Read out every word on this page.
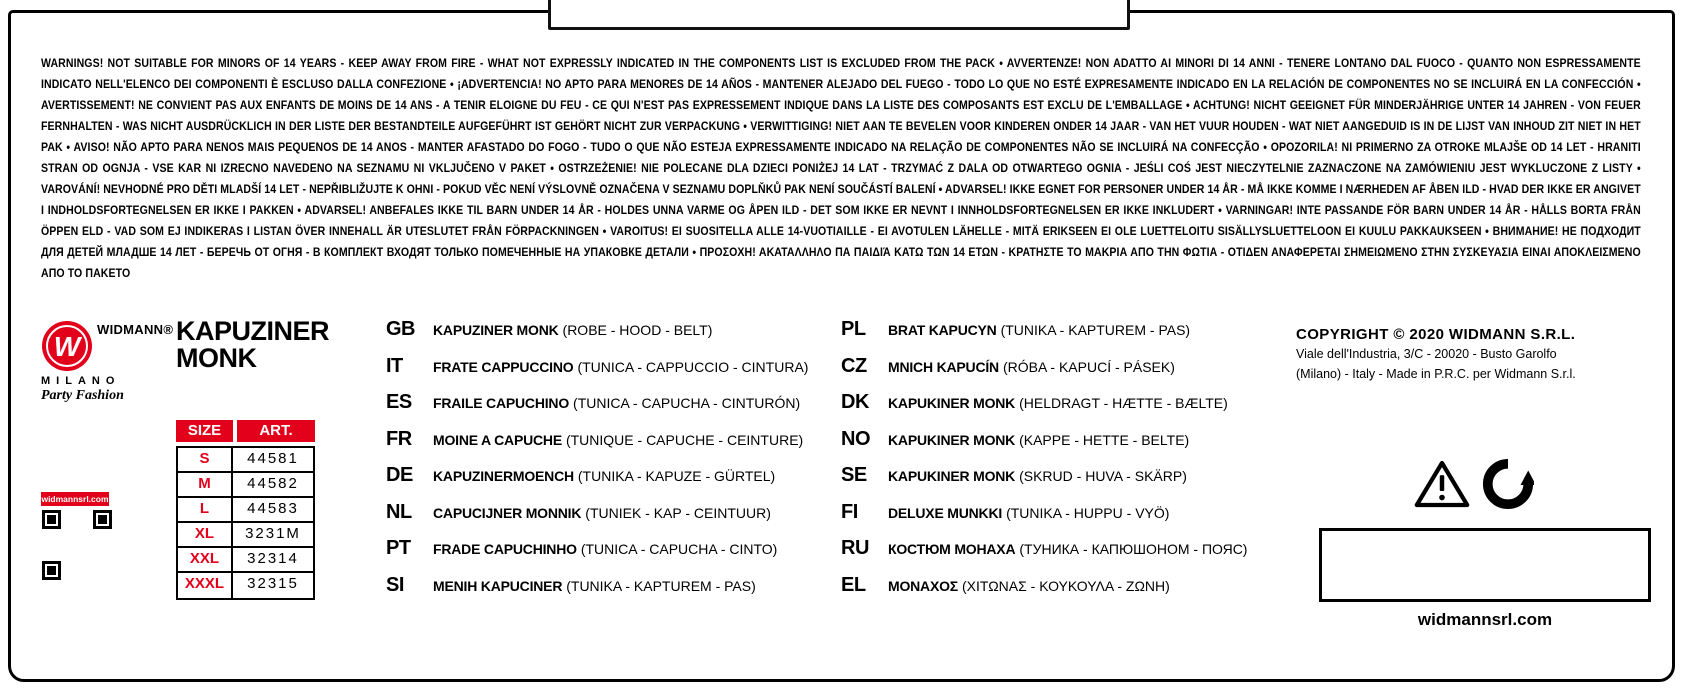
WARNINGS! NOT SUITABLE FOR MINORS OF 14 YEARS - KEEP AWAY FROM FIRE - WHAT NOT EXPRESSLY INDICATED IN THE COMPONENTS LIST IS EXCLUDED FROM THE PACK • AVVERTENZE! NON ADATTO AI MINORI DI 14 ANNI - TENERE LONTANO DAL FUOCO - QUANTO NON ESPRESSAMENTE INDICATO NELL'ELENCO DEI COMPONENTI È ESCLUSO DALLA CONFEZIONE • ¡ADVERTENCIA! NO APTO PARA MENORES DE 14 AÑOS - MANTENER ALEJADO DEL FUEGO - TODO LO QUE NO ESTÉ EXPRESAMENTE INDICADO EN LA RELACIÓN DE COMPONENTES NO SE INCLUIRÁ EN LA CONFECCIÓN • AVERTISSEMENT! NE CONVIENT PAS AUX ENFANTS DE MOINS DE 14 ANS - A TENIR ELOIGNE DU FEU - CE QUI N'EST PAS EXPRESSEMENT INDIQUE DANS LA LISTE DES COMPOSANTS EST EXCLU DE L'EMBALLAGE • ACHTUNG! NICHT GEEIGNET FÜR MINDERJÄHRIGE UNTER 14 JAHREN - VON FEUER FERNHALTEN - WAS NICHT AUSDRÜCKLICH IN DER LISTE DER BESTANDTEILE AUFGEFÜHRT IST GEHÖRT NICHT ZUR VERPACKUNG • VERWITTIGING! NIET AAN TE BEVELEN VOOR KINDEREN ONDER 14 JAAR - VAN HET VUUR HOUDEN - WAT NIET AANGEDUID IS IN DE LIJST VAN INHOUD ZIT NIET IN HET PAK • AVISO! NÃO APTO PARA NENOS MAIS PEQUENOS DE 14 ANOS - MANTER AFASTADO DO FOGO - TUDO O QUE NÃO ESTEJA EXPRESSAMENTE INDICADO NA RELAÇÃO DE COMPONENTES NÃO SE INCLUIRÁ NA CONFECÇÃO • OPOZORILA! NI PRIMERNO ZA OTROKE MLAJŠE OD 14 LET - HRANITI STRAN OD OGNJA - VSE KAR NI IZRECNO NAVEDENO NA SEZNAMU NI VKLJUČENO V PAKET • OSTRZEŻENIE! NIE POLECANE DLA DZIECI PONIŻEJ 14 LAT - TRZYMAĆ Z DALA OD OTWARTEGO OGNIA - JEŚLI COŚ JEST NIECZYTELNIE ZAZNACZONE NA ZAMÓWIENIU JEST WYKLUCZONE Z LISTY • VAROVÁNÍ! NEVHODNÉ PRO DĚTI MLADŠÍ 14 LET - NEPŘIBLIŽUJTE K OHNI - POKUD VĚC NENÍ VÝSLOVNĚ OZNAČENA V SEZNAMU DOPLŇKŮ PAK NENÍ SOUČÁSTÍ BALENÍ • ADVARSEL! IKKE EGNET FOR PERSONER UNDER 14 ÅR - MÅ IKKE KOMME I NÆRHEDEN AF ÅBEN ILD - HVAD DER IKKE ER ANGIVET I INDHOLDSFORTEGNELSEN ER IKKE I PAKKEN • ADVARSEL! ANBEFALES IKKE TIL BARN UNDER 14 ÅR - HOLDES UNNA VARME OG ÅPEN ILD - DET SOM IKKE ER NEVNT I INNHOLDSFORTEGNELSEN ER IKKE INKLUDERT • VARNINGAR! INTE PASSANDE FÖR BARN UNDER 14 ÅR - HÅLLS BORTA FRÅN ÖPPEN ELD - VAD SOM EJ INDIKERAS I LISTAN ÖVER INNEHALL ÄR UTESLUTET FRÅN FÖRPACKNINGEN • VAROITUS! EI SUOSITELLA ALLE 14-VUOTIAILLE - EI AVOTULEN LÄHELLE - MITÄ ERIKSEEN EI OLE LUETTELOITU SISÄLLYSLUETTELOON EI KUULU PAKKAUKSEEN • ВНИМАНИЕ! НЕ ПОДХОДИТ ДЛЯ ДЕТЕЙ МЛАДШЕ 14 ЛЕТ - БЕРЕЧЬ ОТ ОГНЯ - В КОМПЛЕКТ ВХОДЯТ ТОЛЬКО ПОМЕЧЕННЫЕ НА УПАКОВКЕ ДЕТАЛИ • ΠΡΟΣΟΧΗ! ΑΚΑΤΑΛΛΗΛΟ ΠΑ ΠΑΙΔΙΆ ΚΑΤΩ ΤΩΝ 14 ΕΤΩΝ - ΚΡΑΤΗΣΤΕ ΤΟ ΜΑΚΡΙΑ ΑΠΟ ΤΗΝ ΦΩΤΙΑ - ΟΤΙΔΕΝ ΑΝΑΦΕΡΕΤΑΙ ΣΗΜΕΙΩΜΕΝΟ ΣΤΗΝ ΣΥΣΚΕΥΑΣΙΑ ΕΙΝΑΙ ΑΠΟΚΛΕΙΣΜΕΝΟ ΑΠΟ ΤΟ ΠΑΚΕΤΟ

W
WIDMANN®
MILANO
Party Fashion
widmannsrl.com
KAPUZINER
MONK
SIZE	ART.
S	44581
M	44582
L	44583
XL	3231M
XXL	32314
XXXL	32315
GB	KAPUZINER MONK (ROBE - HOOD - BELT)
IT	FRATE CAPPUCCINO (TUNICA - CAPPUCCIO - CINTURA)
ES	FRAILE CAPUCHINO (TUNICA - CAPUCHA - CINTURÓN)
FR	MOINE A CAPUCHE (TUNIQUE - CAPUCHE - CEINTURE)
DE	KAPUZINERMOENCH (TUNIKA - KAPUZE - GÜRTEL)
NL	CAPUCIJNER MONNIK (TUNIEK - KAP - CEINTUUR)
PT	FRADE CAPUCHINHO (TUNICA - CAPUCHA - CINTO)
SI	MENIH KAPUCINER (TUNIKA - KAPTUREM - PAS)
PL	BRAT KAPUCYN (TUNIKA - KAPTUREM - PAS)
CZ	MNICH KAPUCÍN (RÓBA - KAPUCÍ - PÁSEK)
DK	KAPUKINER MONK (HELDRAGT - HÆTTE - BÆLTE)
NO	KAPUKINER MONK (KAPPE - HETTE - BELTE)
SE	KAPUKINER MONK (SKRUD - HUVA - SKÄRP)
FI	DELUXE MUNKKI (TUNIKA - HUPPU - VYÖ)
RU	КОСТЮМ МОНАХА (ТУНИКА - КАПЮШОНОМ - ПОЯС)
EL	ΜΟΝΑΧΟΣ (ΧΙΤΩΝΑΣ - ΚΟΥΚΟΥΛΑ - ΖΩΝΗ)
COPYRIGHT © 2020 WIDMANN S.R.L.
Viale dell'Industria, 3/C - 20020 - Busto Garolfo
(Milano) - Italy - Made in P.R.C. per Widmann S.r.l.
widmannsrl.com
